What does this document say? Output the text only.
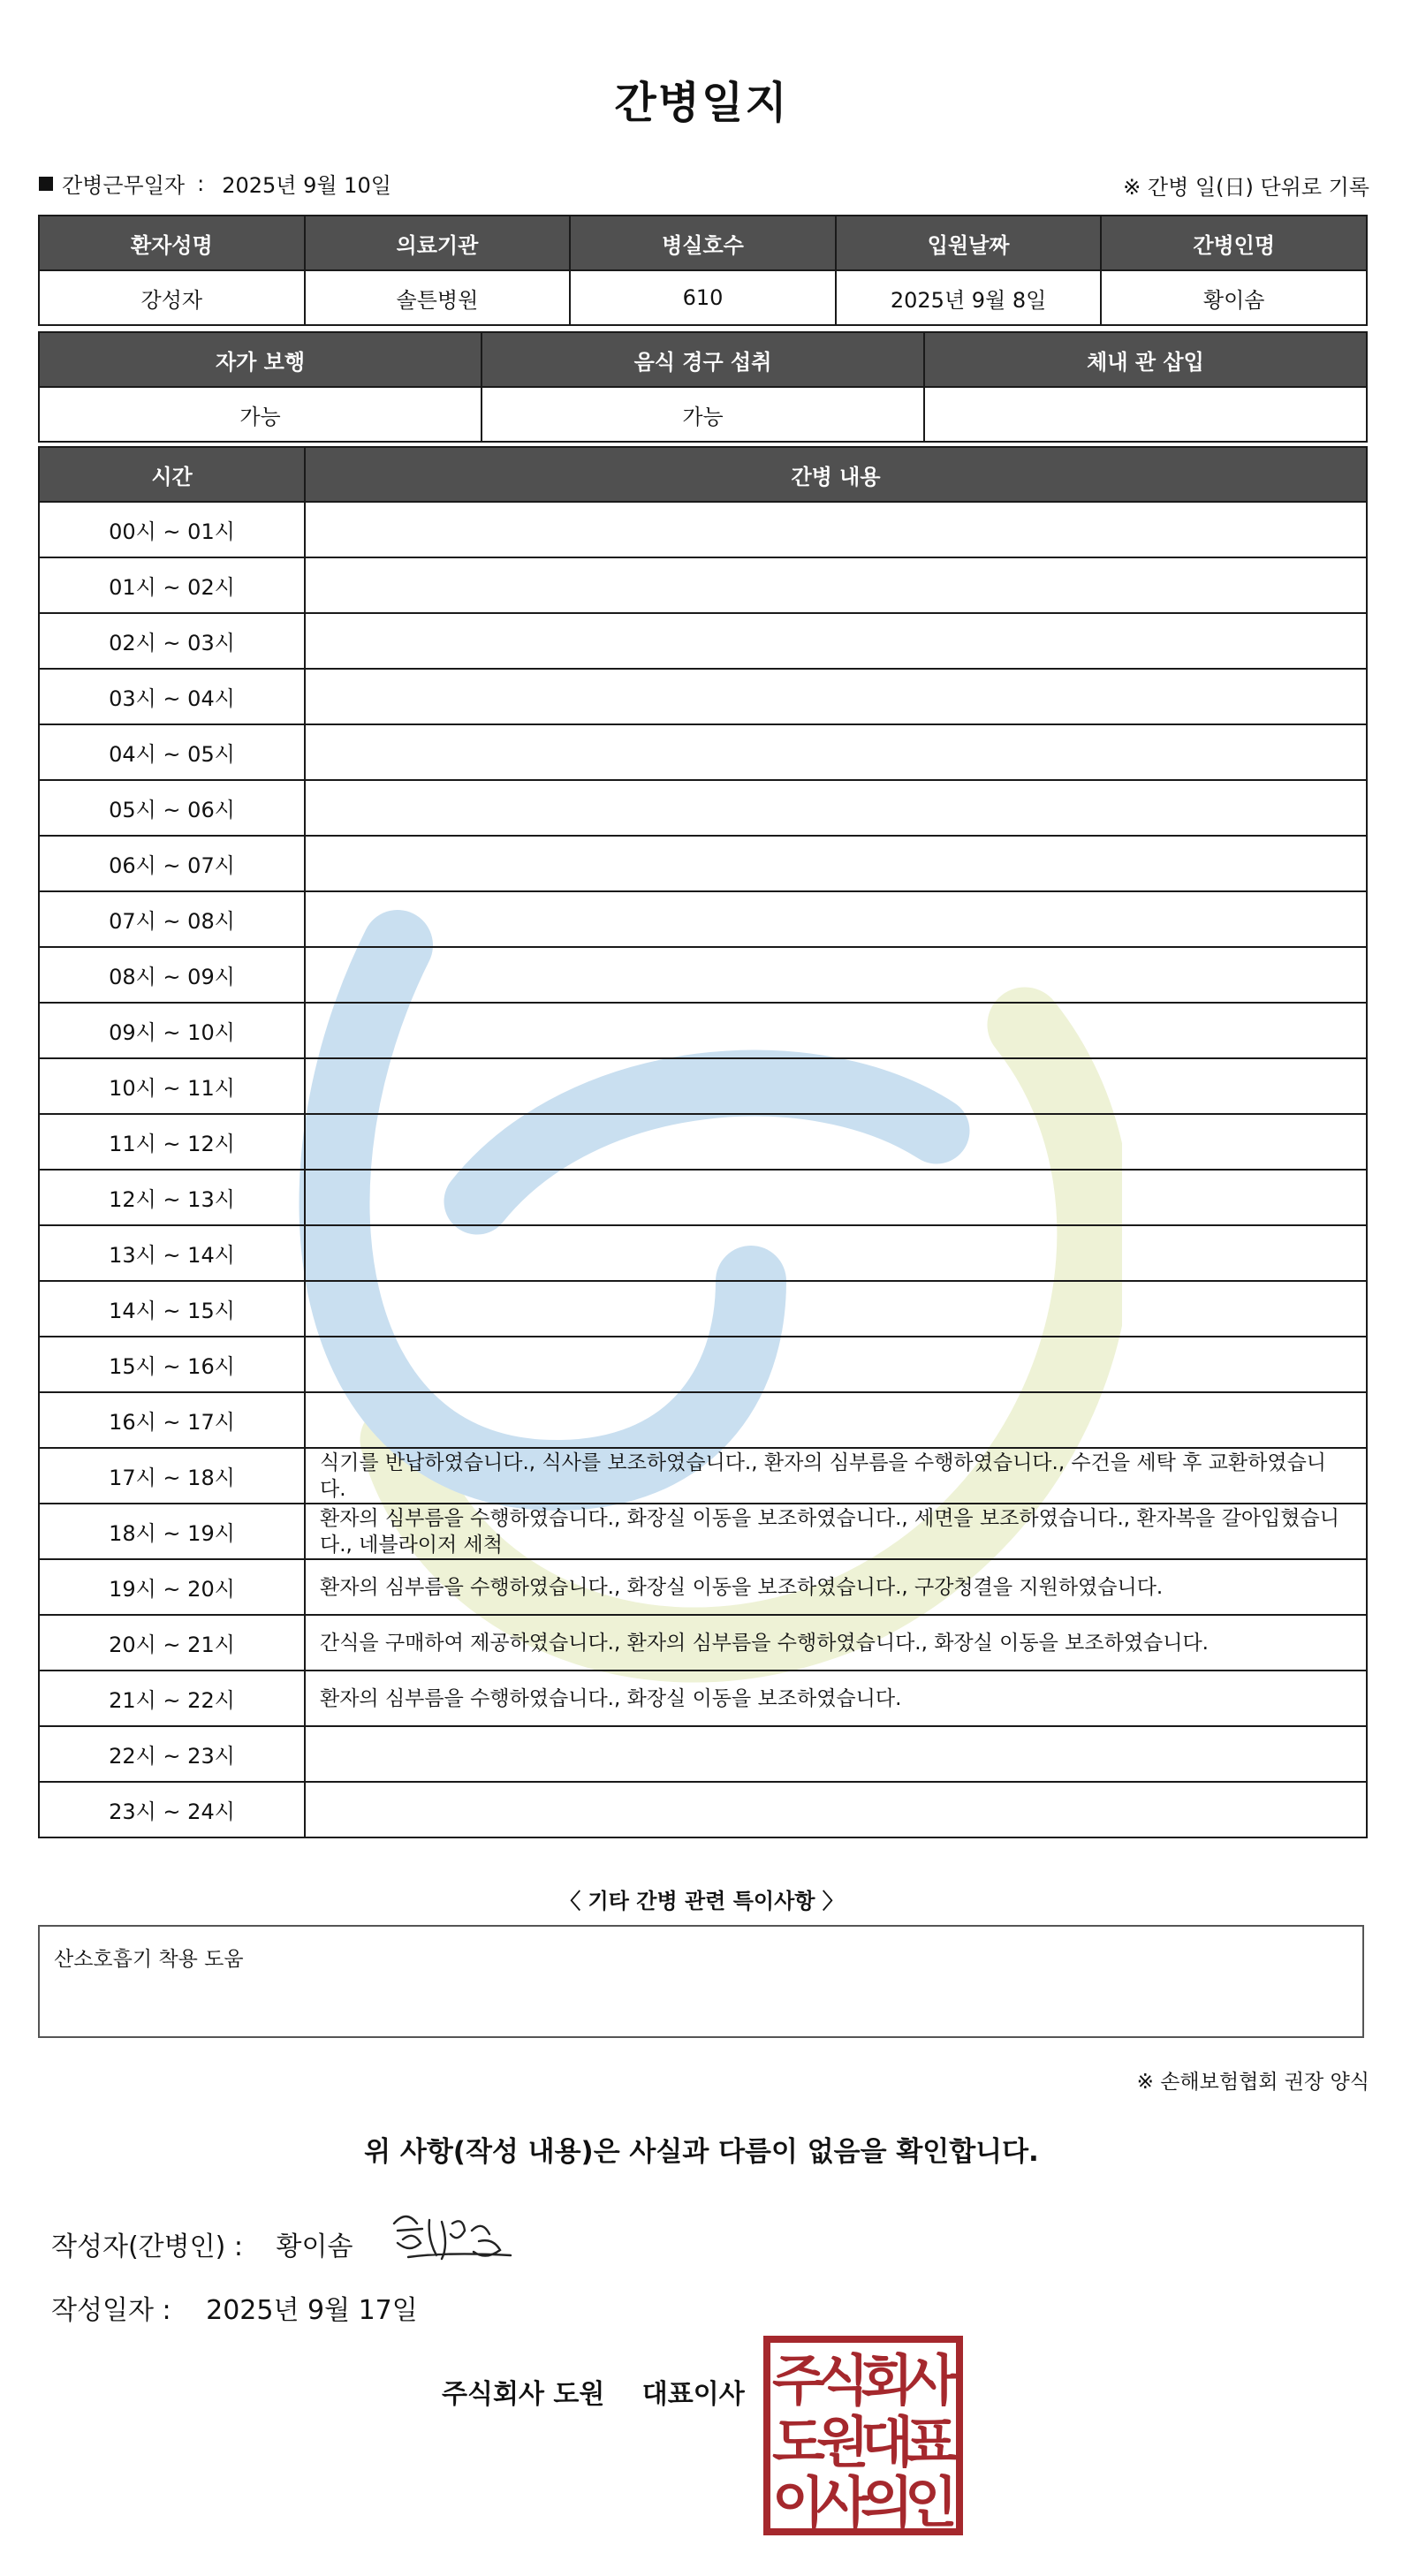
간병일지
간병근무일자 : 2025년 9월 10일	※ 간병 일(日) 단위로 기록
환자성명	의료기관	병실호수	입원날짜	간병인명
강성자	솔튼병원	610	2025년 9월 8일	황이솜
자가 보행	음식 경구 섭취	체내 관 삽입
가능	가능	
시간	간병 내용
00시 ~ 01시	
01시 ~ 02시	
02시 ~ 03시	
03시 ~ 04시	
04시 ~ 05시	
05시 ~ 06시	
06시 ~ 07시	
07시 ~ 08시	
08시 ~ 09시	
09시 ~ 10시	
10시 ~ 11시	
11시 ~ 12시	
12시 ~ 13시	
13시 ~ 14시	
14시 ~ 15시	
15시 ~ 16시	
16시 ~ 17시	
17시 ~ 18시	식기를 반납하였습니다., 식사를 보조하였습니다., 환자의 심부름을 수행하였습니다., 수건을 세탁 후 교환하였습니다.
18시 ~ 19시	환자의 심부름을 수행하였습니다., 화장실 이동을 보조하였습니다., 세면을 보조하였습니다., 환자복을 갈아입혔습니다., 네블라이저 세척
19시 ~ 20시	환자의 심부름을 수행하였습니다., 화장실 이동을 보조하였습니다., 구강청결을 지원하였습니다.
20시 ~ 21시	간식을 구매하여 제공하였습니다., 환자의 심부름을 수행하였습니다., 화장실 이동을 보조하였습니다.
21시 ~ 22시	환자의 심부름을 수행하였습니다., 화장실 이동을 보조하였습니다.
22시 ~ 23시	
23시 ~ 24시	
〈 기타 간병 관련 특이사항 〉
산소호흡기 착용 도움
※ 손해보험협회 권장 양식
위 사항(작성 내용)은 사실과 다름이 없음을 확인합니다.
작성자(간병인) : 황이솜
작성일자 : 2025년 9월 17일
주식회사 도원 대표이사 주
식
회
사
도
원
대
표
이
사
의
인
